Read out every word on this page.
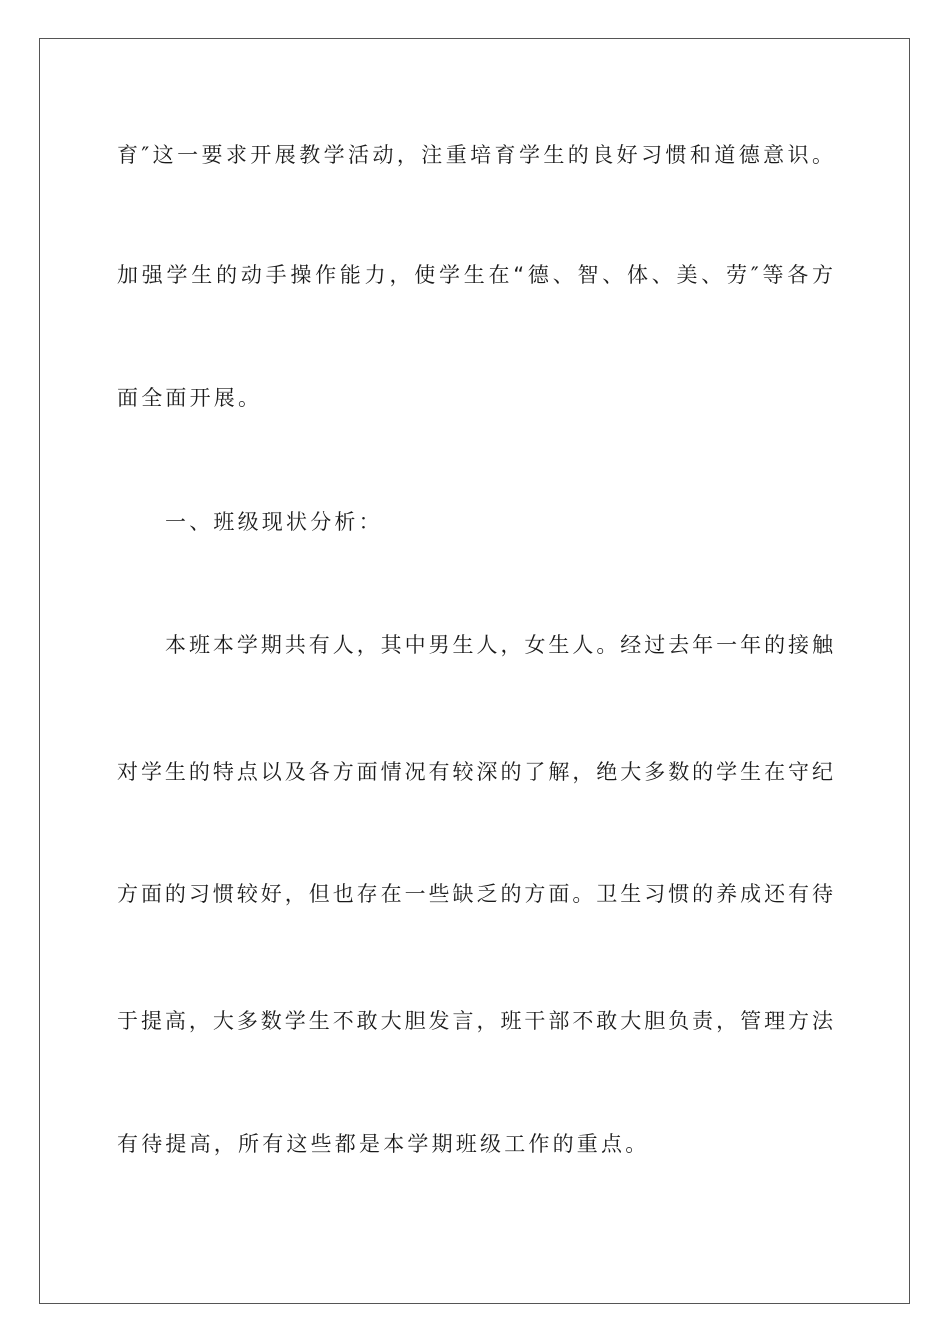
育″这一要求开展教学活动，注重培育学生的良好习惯和道德意识。

加强学生的动手操作能力，使学生在“德、智、体、美、劳″等各方

面全面开展。

一、班级现状分析：

本班本学期共有人，其中男生人，女生人。经过去年一年的接触

对学生的特点以及各方面情况有较深的了解，绝大多数的学生在守纪

方面的习惯较好，但也存在一些缺乏的方面。卫生习惯的养成还有待

于提高，大多数学生不敢大胆发言，班干部不敢大胆负责，管理方法

有待提高，所有这些都是本学期班级工作的重点。
